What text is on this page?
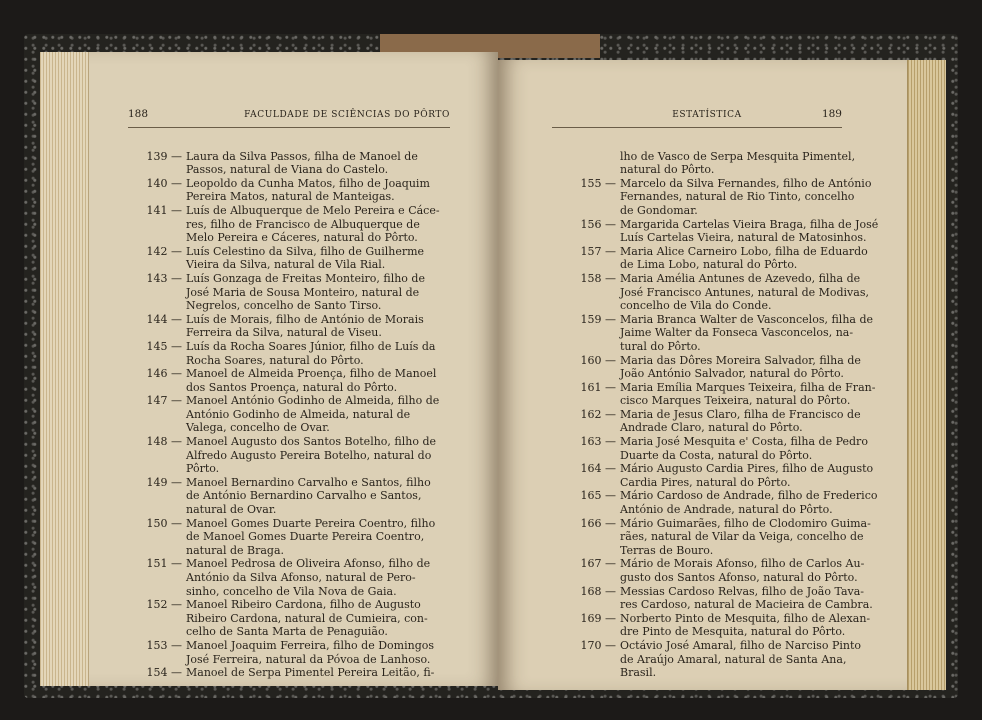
188	FACULDADE DE SCIÊNCIAS DO PÔRTO
139 — Laura da Silva Passos, filha de Manoel de
Passos, natural de Viana do Castelo.
140 — Leopoldo da Cunha Matos, filho de Joaquim
Pereira Matos, natural de Manteigas.
141 — Luís de Albuquerque de Melo Pereira e Cáce-
res, filho de Francisco de Albuquerque de
Melo Pereira e Cáceres, natural do Pôrto.
142 — Luís Celestino da Silva, filho de Guilherme
Vieira da Silva, natural de Vila Rial.
143 — Luís Gonzaga de Freitas Monteiro, filho de
José Maria de Sousa Monteiro, natural de
Negrelos, concelho de Santo Tirso.
144 — Luís de Morais, filho de António de Morais
Ferreira da Silva, natural de Viseu.
145 — Luís da Rocha Soares Júnior, filho de Luís da
Rocha Soares, natural do Pôrto.
146 — Manoel de Almeida Proença, filho de Manoel
dos Santos Proença, natural do Pôrto.
147 — Manoel António Godinho de Almeida, filho de
António Godinho de Almeida, natural de
Valega, concelho de Ovar.
148 — Manoel Augusto dos Santos Botelho, filho de
Alfredo Augusto Pereira Botelho, natural do
Pôrto.
149 — Manoel Bernardino Carvalho e Santos, filho
de António Bernardino Carvalho e Santos,
natural de Ovar.
150 — Manoel Gomes Duarte Pereira Coentro, filho
de Manoel Gomes Duarte Pereira Coentro,
natural de Braga.
151 — Manoel Pedrosa de Oliveira Afonso, filho de
António da Silva Afonso, natural de Pero-
sinho, concelho de Vila Nova de Gaia.
152 — Manoel Ribeiro Cardona, filho de Augusto
Ribeiro Cardona, natural de Cumieira, con-
celho de Santa Marta de Penaguião.
153 — Manoel Joaquim Ferreira, filho de Domingos
José Ferreira, natural da Póvoa de Lanhoso.
154 — Manoel de Serpa Pimentel Pereira Leitão, fi-
ESTATÍSTICA	189
lho de Vasco de Serpa Mesquita Pimentel,
natural do Pôrto.
155 — Marcelo da Silva Fernandes, filho de António
Fernandes, natural de Rio Tinto, concelho
de Gondomar.
156 — Margarida Cartelas Vieira Braga, filha de José
Luís Cartelas Vieira, natural de Matosinhos.
157 — Maria Alice Carneiro Lobo, filha de Eduardo
de Lima Lobo, natural do Pôrto.
158 — Maria Amélia Antunes de Azevedo, filha de
José Francisco Antunes, natural de Modivas,
concelho de Vila do Conde.
159 — Maria Branca Walter de Vasconcelos, filha de
Jaime Walter da Fonseca Vasconcelos, na-
tural do Pôrto.
160 — Maria das Dôres Moreira Salvador, filha de
João António Salvador, natural do Pôrto.
161 — Maria Emília Marques Teixeira, filha de Fran-
cisco Marques Teixeira, natural do Pôrto.
162 — Maria de Jesus Claro, filha de Francisco de
Andrade Claro, natural do Pôrto.
163 — Maria José Mesquita e' Costa, filha de Pedro
Duarte da Costa, natural do Pôrto.
164 — Mário Augusto Cardia Pires, filho de Augusto
Cardia Pires, natural do Pôrto.
165 — Mário Cardoso de Andrade, filho de Frederico
António de Andrade, natural do Pôrto.
166 — Mário Guimarães, filho de Clodomiro Guima-
rães, natural de Vilar da Veiga, concelho de
Terras de Bouro.
167 — Mário de Morais Afonso, filho de Carlos Au-
gusto dos Santos Afonso, natural do Pôrto.
168 — Messias Cardoso Relvas, filho de João Tava-
res Cardoso, natural de Macieira de Cambra.
169 — Norberto Pinto de Mesquita, filho de Alexan-
dre Pinto de Mesquita, natural do Pôrto.
170 — Octávio José Amaral, filho de Narciso Pinto
de Araújo Amaral, natural de Santa Ana,
Brasil.
